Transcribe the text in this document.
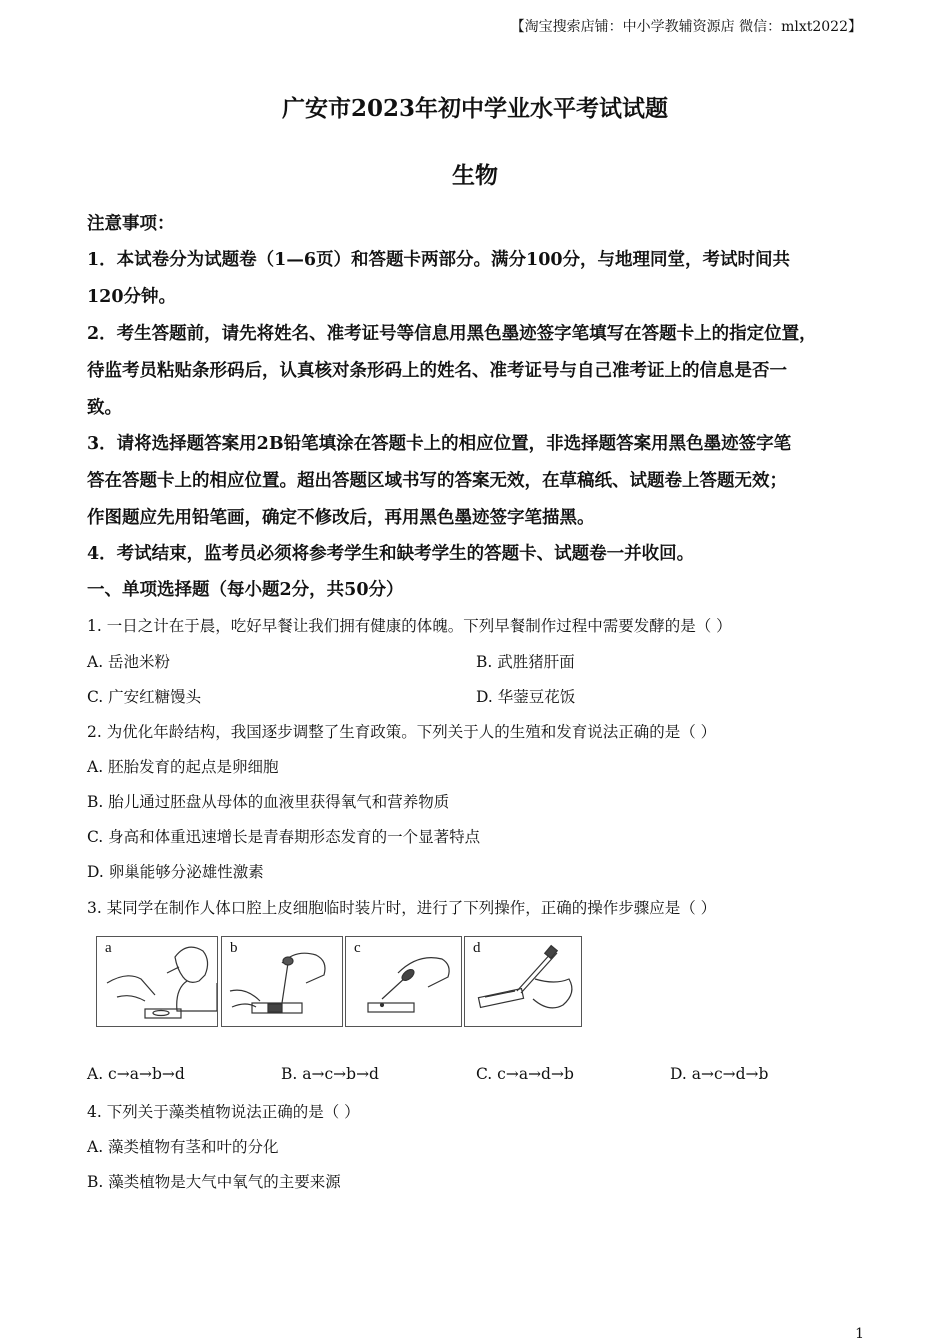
【淘宝搜索店铺：中小学教辅资源店 微信：mlxt2022】
广安市2023年初中学业水平考试试题
生物
注意事项：
1．本试卷分为试题卷（1—6页）和答题卡两部分。满分100分，与地理同堂，考试时间共
120分钟。
2．考生答题前，请先将姓名、准考证号等信息用黑色墨迹签字笔填写在答题卡上的指定位置，
待监考员粘贴条形码后，认真核对条形码上的姓名、准考证号与自己准考证上的信息是否一
致。
3．请将选择题答案用2B铅笔填涂在答题卡上的相应位置，非选择题答案用黑色墨迹签字笔
答在答题卡上的相应位置。超出答题区域书写的答案无效，在草稿纸、试题卷上答题无效；
作图题应先用铅笔画，确定不修改后，再用黑色墨迹签字笔描黑。
4．考试结束，监考员必须将参考学生和缺考学生的答题卡、试题卷一并收回。
一、单项选择题（每小题2分，共50分）
1. 一日之计在于晨，吃好早餐让我们拥有健康的体魄。下列早餐制作过程中需要发酵的是（ ）
A. 岳池米粉	B. 武胜猪肝面
C. 广安红糖馒头	D. 华蓥豆花饭
2. 为优化年龄结构，我国逐步调整了生育政策。下列关于人的生殖和发育说法正确的是（ ）
A. 胚胎发育的起点是卵细胞
B. 胎儿通过胚盘从母体的血液里获得氧气和营养物质
C. 身高和体重迅速增长是青春期形态发育的一个显著特点
D. 卵巢能够分泌雄性激素
3. 某同学在制作人体口腔上皮细胞临时装片时，进行了下列操作，正确的操作步骤应是（ ）
a	b	c	d
A. c→a→b→d	B. a→c→b→d	C. c→a→d→b	D. a→c→d→b
4. 下列关于藻类植物说法正确的是（ ）
A. 藻类植物有茎和叶的分化
B. 藻类植物是大气中氧气的主要来源
1
